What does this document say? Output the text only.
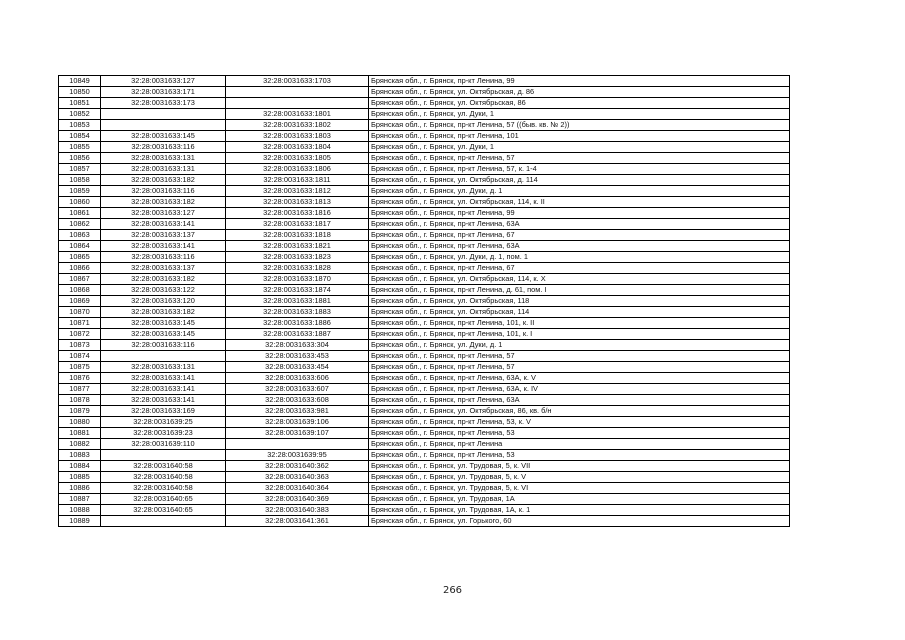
10849	32:28:0031633:127	32:28:0031633:1703	Брянская обл., г. Брянск, пр-кт Ленина, 99
10850	32:28:0031633:171		Брянская обл., г. Брянск, ул. Октябрьская, д. 86
10851	32:28:0031633:173		Брянская обл., г. Брянск, ул. Октябрьская, 86
10852		32:28:0031633:1801	Брянская обл., г. Брянск, ул. Дуки, 1
10853		32:28:0031633:1802	Брянская обл., г. Брянск, пр-кт Ленина, 57 ((быв. кв. № 2))
10854	32:28:0031633:145	32:28:0031633:1803	Брянская обл., г. Брянск, пр-кт Ленина, 101
10855	32:28:0031633:116	32:28:0031633:1804	Брянская обл., г. Брянск, ул. Дуки, 1
10856	32:28:0031633:131	32:28:0031633:1805	Брянская обл., г. Брянск, пр-кт Ленина, 57
10857	32:28:0031633:131	32:28:0031633:1806	Брянская обл., г. Брянск, пр-кт Ленина, 57, к. 1-4
10858	32:28:0031633:182	32:28:0031633:1811	Брянская обл., г. Брянск, ул. Октябрьская, д. 114
10859	32:28:0031633:116	32:28:0031633:1812	Брянская обл., г. Брянск, ул. Дуки, д. 1
10860	32:28:0031633:182	32:28:0031633:1813	Брянская обл., г. Брянск, ул. Октябрьская, 114, к. II
10861	32:28:0031633:127	32:28:0031633:1816	Брянская обл., г. Брянск, пр-кт Ленина, 99
10862	32:28:0031633:141	32:28:0031633:1817	Брянская обл., г. Брянск, пр-кт Ленина, 63А
10863	32:28:0031633:137	32:28:0031633:1818	Брянская обл., г. Брянск, пр-кт Ленина, 67
10864	32:28:0031633:141	32:28:0031633:1821	Брянская обл., г. Брянск, пр-кт Ленина, 63А
10865	32:28:0031633:116	32:28:0031633:1823	Брянская обл., г. Брянск, ул. Дуки, д. 1, пом. 1
10866	32:28:0031633:137	32:28:0031633:1828	Брянская обл., г. Брянск, пр-кт Ленина, 67
10867	32:28:0031633:182	32:28:0031633:1870	Брянская обл., г. Брянск, ул. Октябрьская, 114, к. Х
10868	32:28:0031633:122	32:28:0031633:1874	Брянская обл., г. Брянск, пр-кт Ленина, д. 61, пом. I
10869	32:28:0031633:120	32:28:0031633:1881	Брянская обл., г. Брянск, ул. Октябрьская, 118
10870	32:28:0031633:182	32:28:0031633:1883	Брянская обл., г. Брянск, ул. Октябрьская, 114
10871	32:28:0031633:145	32:28:0031633:1886	Брянская обл., г. Брянск, пр-кт Ленина, 101, к. II
10872	32:28:0031633:145	32:28:0031633:1887	Брянская обл., г. Брянск, пр-кт Ленина, 101, к. I
10873	32:28:0031633:116	32:28:0031633:304	Брянская обл., г. Брянск, ул. Дуки, д. 1
10874		32:28:0031633:453	Брянская обл., г. Брянск, пр-кт Ленина, 57
10875	32:28:0031633:131	32:28:0031633:454	Брянская обл., г. Брянск, пр-кт Ленина, 57
10876	32:28:0031633:141	32:28:0031633:606	Брянская обл., г. Брянск, пр-кт Ленина, 63А, к. V
10877	32:28:0031633:141	32:28:0031633:607	Брянская обл., г. Брянск, пр-кт Ленина, 63А, к. IV
10878	32:28:0031633:141	32:28:0031633:608	Брянская обл., г. Брянск, пр-кт Ленина, 63А
10879	32:28:0031633:169	32:28:0031633:981	Брянская обл., г. Брянск, ул. Октябрьская, 86, кв. б/н
10880	32:28:0031639:25	32:28:0031639:106	Брянская обл., г. Брянск, пр-кт Ленина, 53, к. V
10881	32:28:0031639:23	32:28:0031639:107	Брянская обл., г. Брянск, пр-кт Ленина, 53
10882	32:28:0031639:110		Брянская обл., г. Брянск, пр-кт Ленина
10883		32:28:0031639:95	Брянская обл., г. Брянск, пр-кт Ленина, 53
10884	32:28:0031640:58	32:28:0031640:362	Брянская обл., г. Брянск, ул. Трудовая, 5, к. VII
10885	32:28:0031640:58	32:28:0031640:363	Брянская обл., г. Брянск, ул. Трудовая, 5, к. V
10886	32:28:0031640:58	32:28:0031640:364	Брянская обл., г. Брянск, ул. Трудовая, 5, к. VI
10887	32:28:0031640:65	32:28:0031640:369	Брянская обл., г. Брянск, ул. Трудовая, 1А
10888	32:28:0031640:65	32:28:0031640:383	Брянская обл., г. Брянск, ул. Трудовая, 1А, к. 1
10889		32:28:0031641:361	Брянская обл., г. Брянск, ул. Горького, 60
266
